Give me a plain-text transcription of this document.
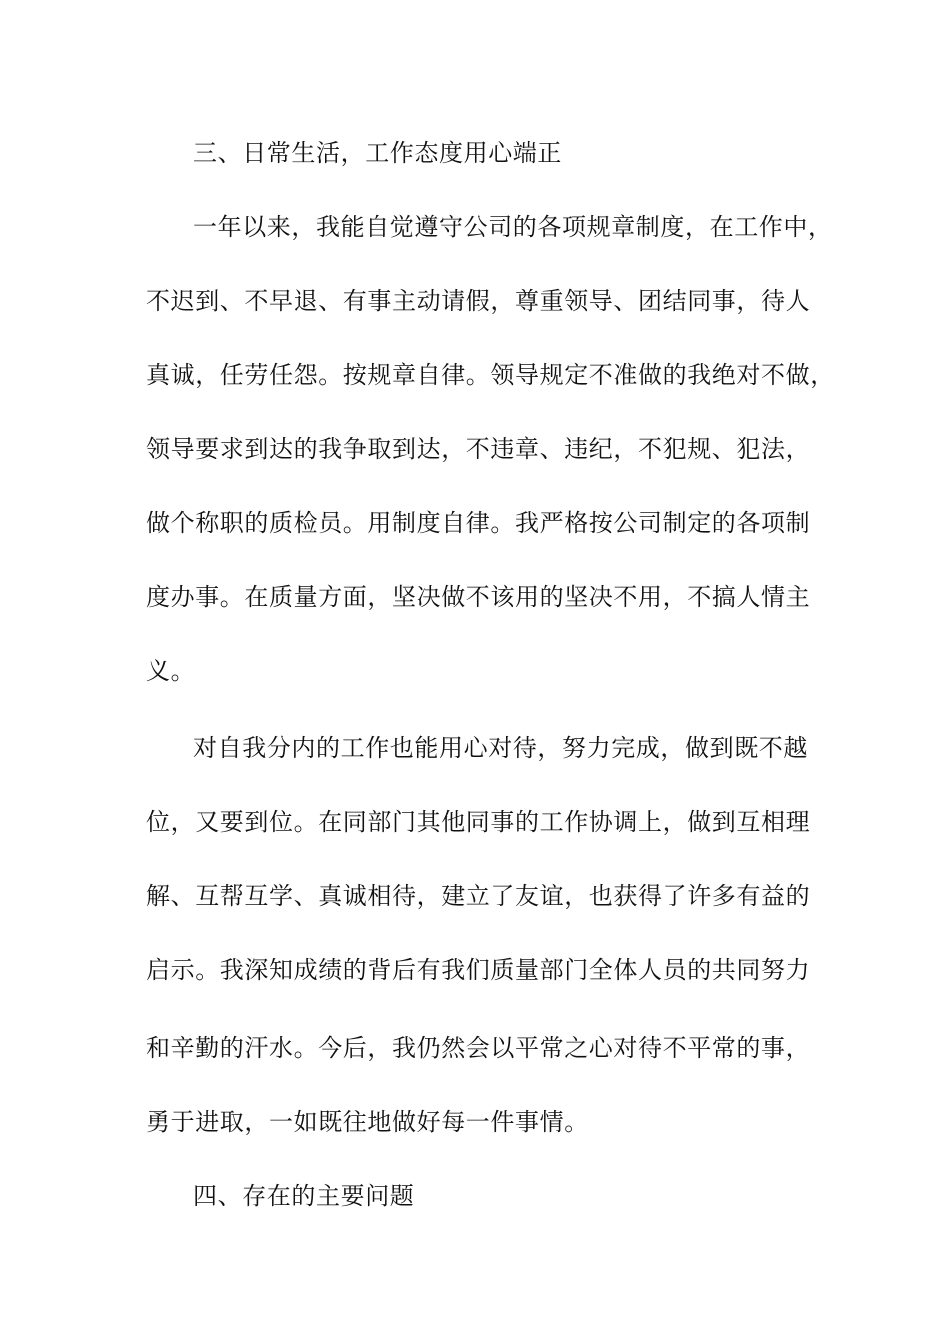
三、日常生活，工作态度用心端正
一年以来，我能自觉遵守公司的各项规章制度，在工作中，
不迟到、不早退、有事主动请假，尊重领导、团结同事，待人
真诚，任劳任怨。按规章自律。领导规定不准做的我绝对不做，
领导要求到达的我争取到达，不违章、违纪，不犯规、犯法，
做个称职的质检员。用制度自律。我严格按公司制定的各项制
度办事。在质量方面，坚决做不该用的坚决不用，不搞人情主
义。
对自我分内的工作也能用心对待，努力完成，做到既不越
位，又要到位。在同部门其他同事的工作协调上，做到互相理
解、互帮互学、真诚相待，建立了友谊，也获得了许多有益的
启示。我深知成绩的背后有我们质量部门全体人员的共同努力
和辛勤的汗水。今后，我仍然会以平常之心对待不平常的事，
勇于进取，一如既往地做好每一件事情。
四、存在的主要问题
